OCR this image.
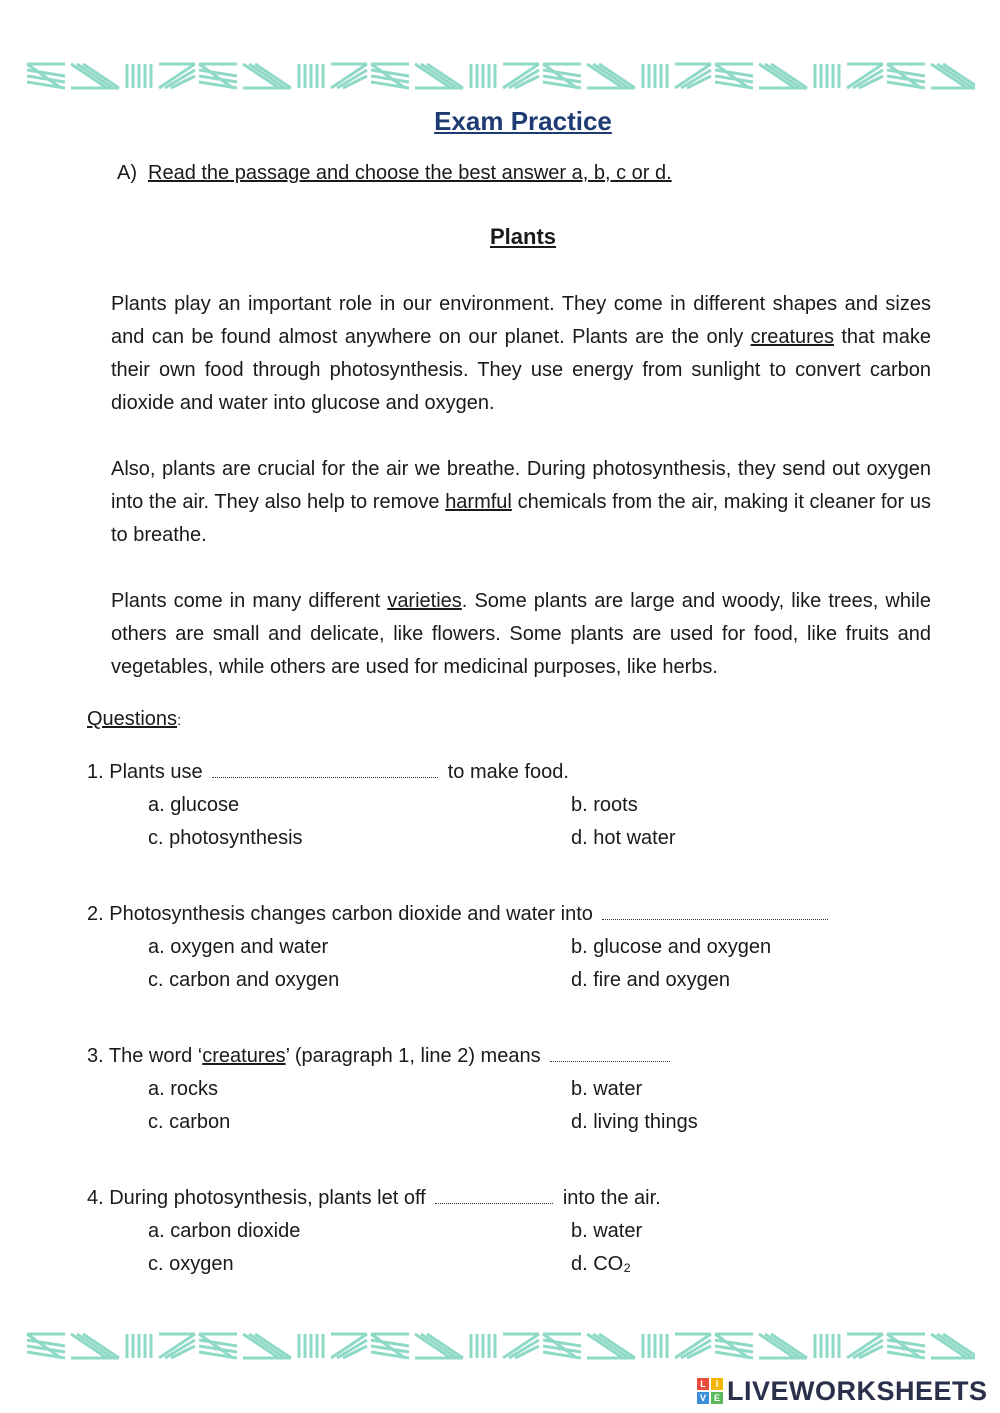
Exam Practice
A) Read the passage and choose the best answer a, b, c or d.
Plants

Plants play an important role in our environment. They come in different shapes and sizes and can be found almost anywhere on our planet. Plants are the only creatures that make their own food through photosynthesis. They use energy from sunlight to convert carbon dioxide and water into glucose and oxygen.

Also, plants are crucial for the air we breathe. During photosynthesis, they send out oxygen into the air. They also help to remove harmful chemicals from the air, making it cleaner for us to breathe.

Plants come in many different varieties. Some plants are large and woody, like trees, while others are small and delicate, like flowers. Some plants are used for food, like fruits and vegetables, while others are used for medicinal purposes, like herbs.

Questions:
1. Plants use	to make food.
a. glucose	b. roots
c. photosynthesis	d. hot water
2. Photosynthesis changes carbon dioxide and water into
a. oxygen and water	b. glucose and oxygen
c. carbon and oxygen	d. fire and oxygen
3. The word ‘creatures’ (paragraph 1, line 2) means
a. rocks	b. water
c. carbon	d. living things
4. During photosynthesis, plants let off	into the air.
a. carbon dioxide	b. water
c. oxygen	d. CO₂
L	I
V E LIVEWORKSHEETS
